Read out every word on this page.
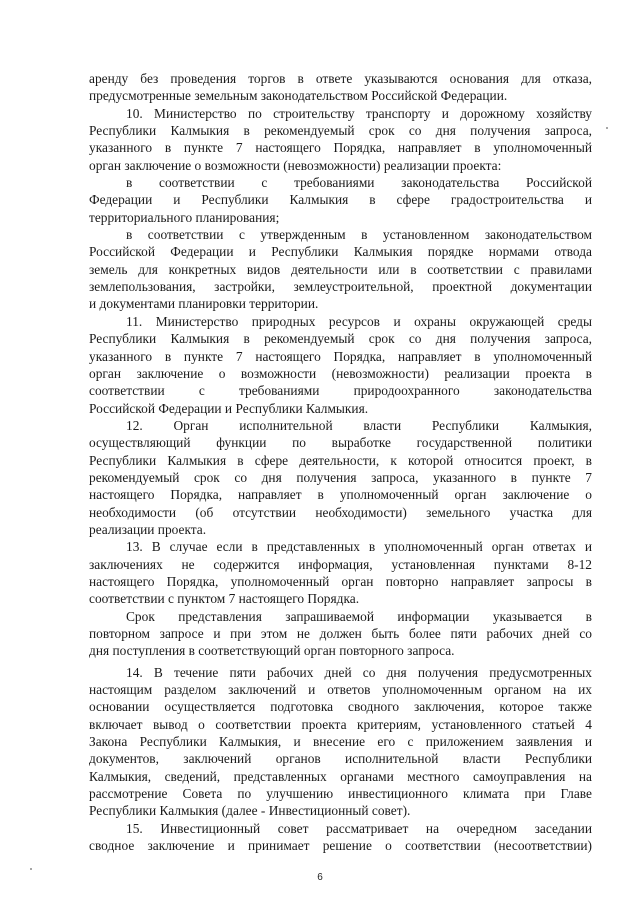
аренду без проведения торгов в ответе указываются основания для отказа,
предусмотренные земельным законодательством Российской Федерации.
10. Министерство по строительству транспорту и дорожному хозяйству
Республики Калмыкия в рекомендуемый срок со дня получения запроса,
указанного в пункте 7 настоящего Порядка, направляет в уполномоченный
орган заключение о возможности (невозможности) реализации проекта:
в соответствии с требованиями законодательства Российской
Федерации и Республики Калмыкия в сфере градостроительства и
территориального планирования;
в соответствии с утвержденным в установленном законодательством
Российской Федерации и Республики Калмыкия порядке нормами отвода
земель для конкретных видов деятельности или в соответствии с правилами
землепользования, застройки, землеустроительной, проектной документации
и документами планировки территории.
11. Министерство природных ресурсов и охраны окружающей среды
Республики Калмыкия в рекомендуемый срок со дня получения запроса,
указанного в пункте 7 настоящего Порядка, направляет в уполномоченный
орган заключение о возможности (невозможности) реализации проекта в
соответствии с требованиями природоохранного законодательства
Российской Федерации и Республики Калмыкия.
12. Орган исполнительной власти Республики Калмыкия,
осуществляющий функции по выработке государственной политики
Республики Калмыкия в сфере деятельности, к которой относится проект, в
рекомендуемый срок со дня получения запроса, указанного в пункте 7
настоящего Порядка, направляет в уполномоченный орган заключение о
необходимости (об отсутствии необходимости) земельного участка для
реализации проекта.
13. В случае если в представленных в уполномоченный орган ответах и
заключениях не содержится информация, установленная пунктами 8-12
настоящего Порядка, уполномоченный орган повторно направляет запросы в
соответствии с пунктом 7 настоящего Порядка.
Срок представления запрашиваемой информации указывается в
повторном запросе и при этом не должен быть более пяти рабочих дней со
дня поступления в соответствующий орган повторного запроса.
14. В течение пяти рабочих дней со дня получения предусмотренных
настоящим разделом заключений и ответов уполномоченным органом на их
основании осуществляется подготовка сводного заключения, которое также
включает вывод о соответствии проекта критериям, установленного статьей 4
Закона Республики Калмыкия, и внесение его с приложением заявления и
документов, заключений органов исполнительной власти Республики
Калмыкия, сведений, представленных органами местного самоуправления на
рассмотрение Совета по улучшению инвестиционного климата при Главе
Республики Калмыкия (далее - Инвестиционный совет).
15. Инвестиционный совет рассматривает на очередном заседании
сводное заключение и принимает решение о соответствии (несоответствии)
6
